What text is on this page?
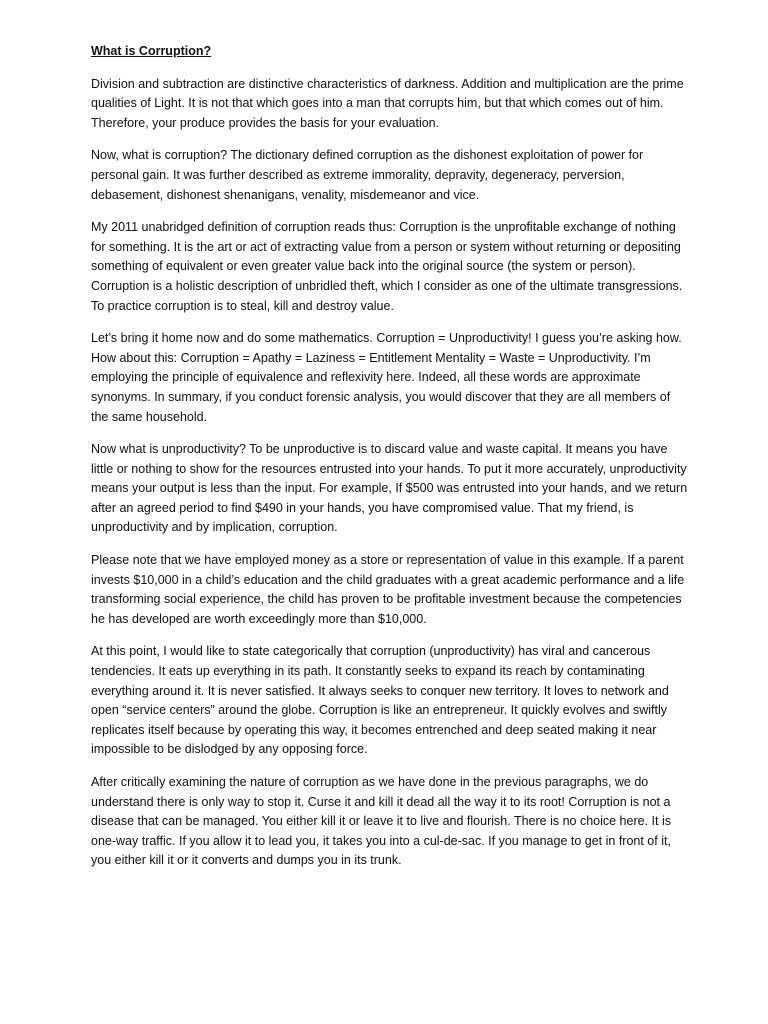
What is Corruption?

Division and subtraction are distinctive characteristics of darkness. Addition and multiplication are the prime qualities of Light. It is not that which goes into a man that corrupts him, but that which comes out of him. Therefore, your produce provides the basis for your evaluation.

Now, what is corruption? The dictionary defined corruption as the dishonest exploitation of power for personal gain. It was further described as extreme immorality, depravity, degeneracy, perversion, debasement, dishonest shenanigans, venality, misdemeanor and vice.

My 2011 unabridged definition of corruption reads thus: Corruption is the unprofitable exchange of nothing for something. It is the art or act of extracting value from a person or system without returning or depositing something of equivalent or even greater value back into the original source (the system or person). Corruption is a holistic description of unbridled theft, which I consider as one of the ultimate transgressions. To practice corruption is to steal, kill and destroy value.

Let’s bring it home now and do some mathematics. Corruption = Unproductivity! I guess you’re asking how. How about this: Corruption = Apathy = Laziness = Entitlement Mentality = Waste = Unproductivity. I’m employing the principle of equivalence and reflexivity here. Indeed, all these words are approximate synonyms. In summary, if you conduct forensic analysis, you would discover that they are all members of the same household.

Now what is unproductivity? To be unproductive is to discard value and waste capital. It means you have little or nothing to show for the resources entrusted into your hands. To put it more accurately, unproductivity means your output is less than the input. For example, If $500 was entrusted into your hands, and we return after an agreed period to find $490 in your hands, you have compromised value. That my friend, is unproductivity and by implication, corruption.

Please note that we have employed money as a store or representation of value in this example. If a parent invests $10,000 in a child’s education and the child graduates with a great academic performance and a life transforming social experience, the child has proven to be profitable investment because the competencies he has developed are worth exceedingly more than $10,000.

At this point, I would like to state categorically that corruption (unproductivity) has viral and cancerous tendencies. It eats up everything in its path. It constantly seeks to expand its reach by contaminating everything around it. It is never satisfied. It always seeks to conquer new territory. It loves to network and open “service centers” around the globe. Corruption is like an entrepreneur. It quickly evolves and swiftly replicates itself because by operating this way, it becomes entrenched and deep seated making it near impossible to be dislodged by any opposing force.

After critically examining the nature of corruption as we have done in the previous paragraphs, we do understand there is only way to stop it. Curse it and kill it dead all the way it to its root! Corruption is not a disease that can be managed. You either kill it or leave it to live and flourish. There is no choice here. It is one-way traffic. If you allow it to lead you, it takes you into a cul-de-sac. If you manage to get in front of it, you either kill it or it converts and dumps you in its trunk.
